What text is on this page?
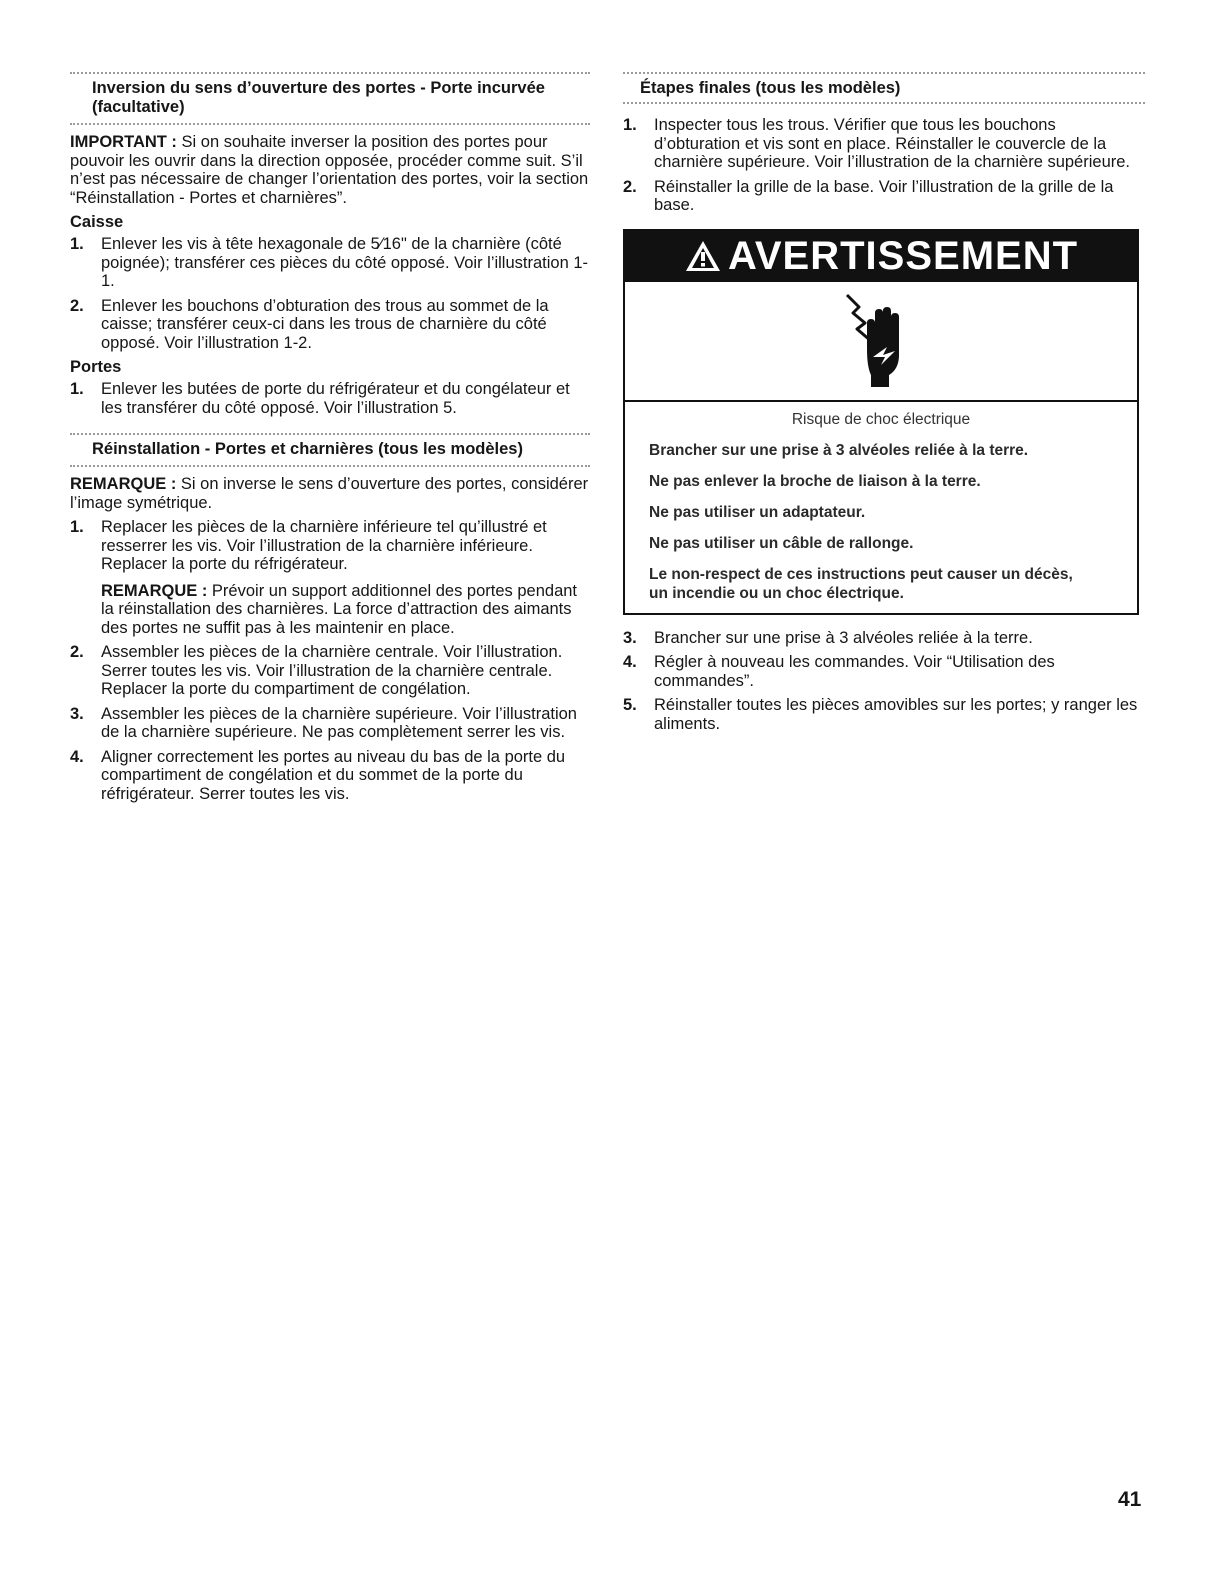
Inversion du sens d’ouverture des portes - Porte incurvée (facultative)

IMPORTANT : Si on souhaite inverser la position des portes pour pouvoir les ouvrir dans la direction opposée, procéder comme suit. S’il n’est pas nécessaire de changer l’orientation des portes, voir la section “Réinstallation - Portes et charnières”.

Caisse
1. Enlever les vis à tête hexagonale de 5⁄16" de la charnière (côté poignée); transférer ces pièces du côté opposé. Voir l’illustration 1-1.
2. Enlever les bouchons d’obturation des trous au sommet de la caisse; transférer ceux-ci dans les trous de charnière du côté opposé. Voir l’illustration 1-2.
Portes
1. Enlever les butées de porte du réfrigérateur et du congélateur et les transférer du côté opposé. Voir l’illustration 5.
Réinstallation - Portes et charnières (tous les modèles)

REMARQUE : Si on inverse le sens d’ouverture des portes, considérer l’image symétrique.

1. Replacer les pièces de la charnière inférieure tel qu’illustré et resserrer les vis. Voir l’illustration de la charnière inférieure. Replacer la porte du réfrigérateur.

REMARQUE : Prévoir un support additionnel des portes pendant la réinstallation des charnières. La force d’attraction des aimants des portes ne suffit pas à les maintenir en place.

2. Assembler les pièces de la charnière centrale. Voir l’illustration. Serrer toutes les vis. Voir l’illustration de la charnière centrale. Replacer la porte du compartiment de congélation.
3. Assembler les pièces de la charnière supérieure. Voir l’illustration de la charnière supérieure. Ne pas complètement serrer les vis.
4. Aligner correctement les portes au niveau du bas de la porte du compartiment de congélation et du sommet de la porte du réfrigérateur. Serrer toutes les vis.
Étapes finales (tous les modèles)
1. Inspecter tous les trous. Vérifier que tous les bouchons d’obturation et vis sont en place. Réinstaller le couvercle de la charnière supérieure. Voir l’illustration de la charnière supérieure.
2. Réinstaller la grille de la base. Voir l’illustration de la grille de la base.
AVERTISSEMENT

Risque de choc électrique

Brancher sur une prise à 3 alvéoles reliée à la terre.

Ne pas enlever la broche de liaison à la terre.

Ne pas utiliser un adaptateur.

Ne pas utiliser un câble de rallonge.

Le non-respect de ces instructions peut causer un décès, un incendie ou un choc électrique.

3. Brancher sur une prise à 3 alvéoles reliée à la terre.
4. Régler à nouveau les commandes. Voir “Utilisation des commandes”.
5. Réinstaller toutes les pièces amovibles sur les portes; y ranger les aliments.
41
